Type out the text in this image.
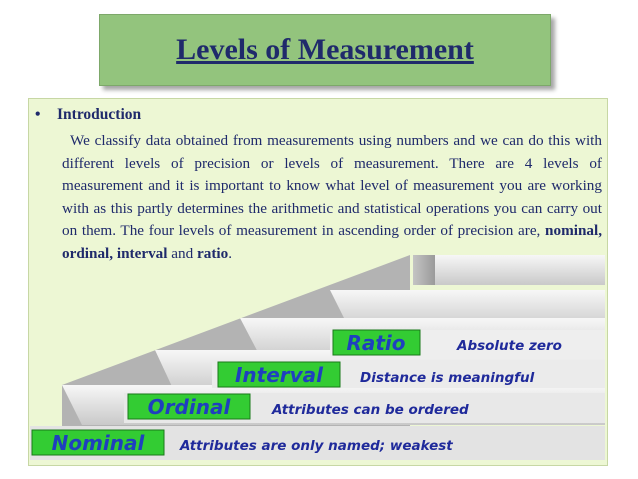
Levels of Measurement
• Introduction
We classify data obtained from measurements using numbers and we can do this with different levels of precision or levels of measurement. There are 4 levels of measurement and it is important to know what level of measurement you are working with as this partly determines the arithmetic and statistical operations you can carry out on them. The four levels of measurement in ascending order of precision are, nominal, ordinal, interval and ratio.
Ratio	Absolute zero
Interval	Distance is meaningful
Ordinal	Attributes can be ordered
Nominal	Attributes are only named; weakest
